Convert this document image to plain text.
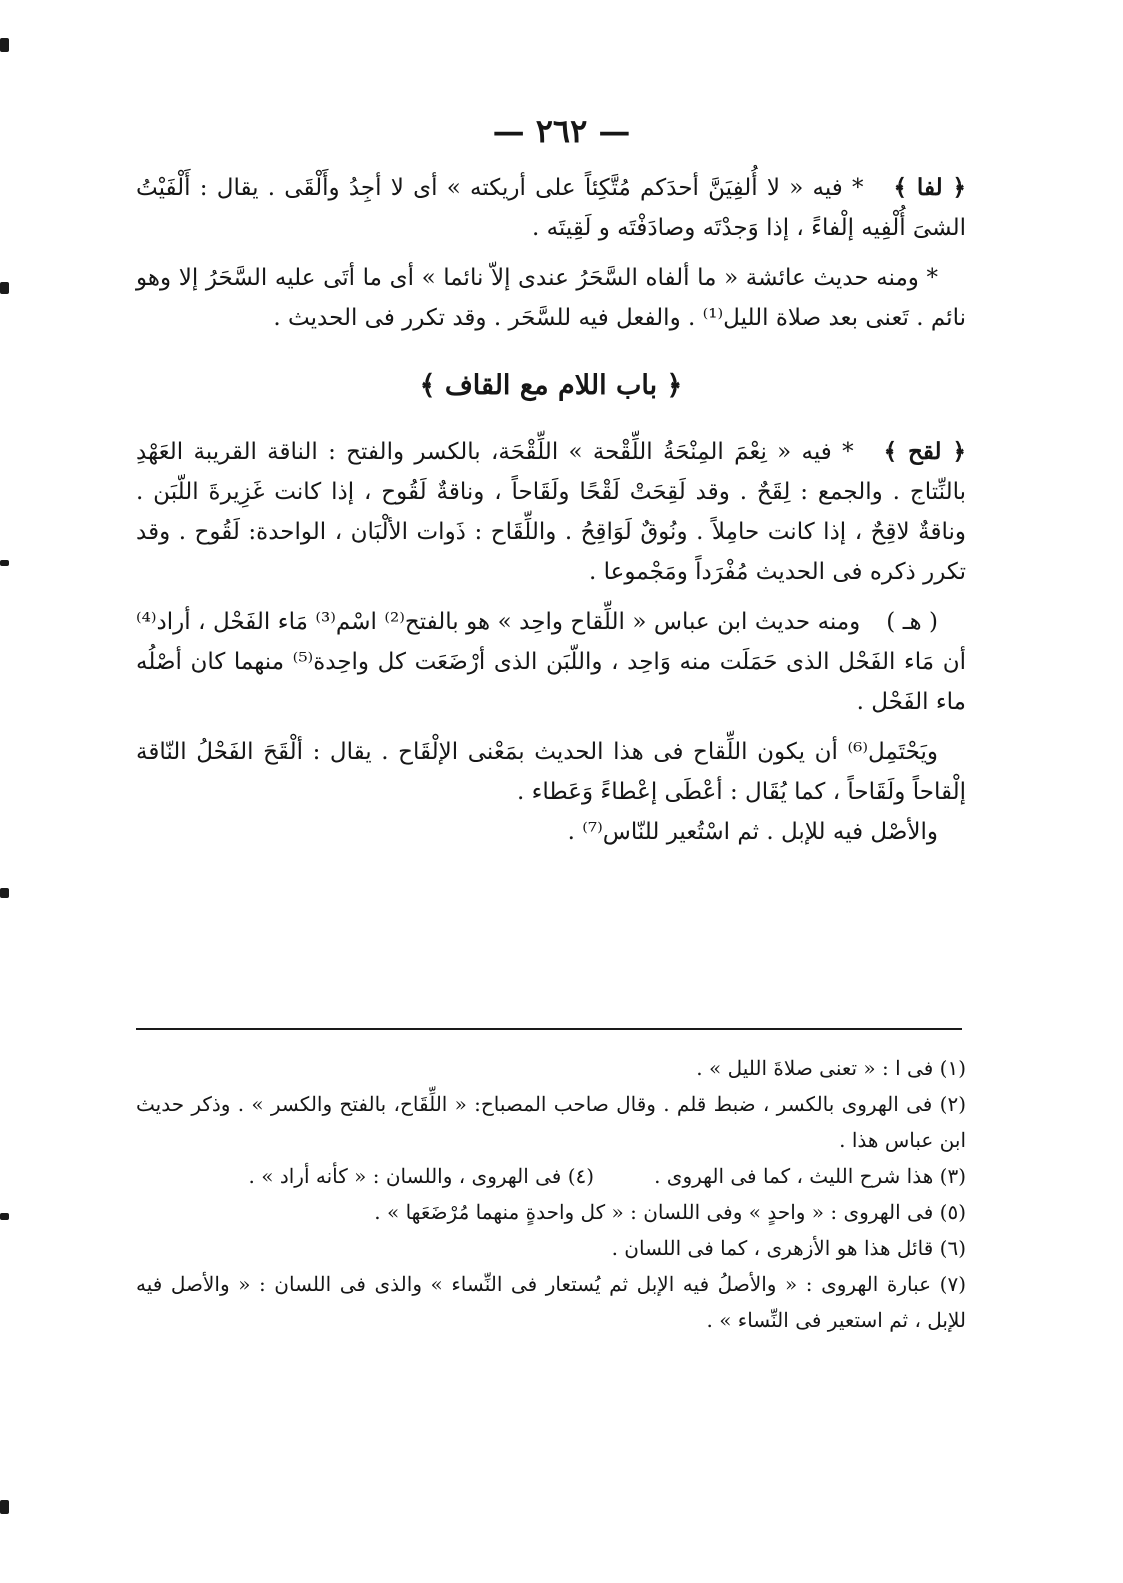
— ٢٦٢ —

﴿ لفا ﴾* فيه « لا أُلفِيَنَّ أحدَكم مُتَّكِئاً على أريكته » أى لا أجِدُ وأَلْقَى . يقال : أَلْفَيْتُ الشىَ أُلْفِيه إلْفاءً ، إذا وَجدْتَه وصادَفْتَه و لَقِيتَه .

* ومنه حديث عائشة « ما ألفاه السَّحَرُ عندى إلاّ نائما » أى ما أتَى عليه السَّحَرُ إلا وهو نائم . تَعنى بعد صلاة الليل⁽¹⁾ . والفعل فيه للسَّحَر . وقد تكرر فى الحديث .

﴿ باب اللام مع القاف ﴾

﴿ لقح ﴾* فيه « نِعْمَ المِنْحَةُ اللِّقْحة » اللِّقْحَة، بالكسر والفتح : الناقة القريبة العَهْدِ بالنِّتاج . والجمع : لِقَحٌ . وقد لَقِحَتْ لَقْحًا ولَقَاحاً ، وناقةٌ لَقُوح ، إذا كانت غَزِيرةَ اللّبَن . وناقةٌ لاقِحٌ ، إذا كانت حامِلاً . ونُوقٌ لَوَاقِحُ . واللِّقَاح : ذَوات الألْبَان ، الواحدة: لَقُوح . وقد تكرر ذكره فى الحديث مُفْرَداً ومَجْموعا .

( هـ )ومنه حديث ابن عباس « اللِّقاح واحِد » هو بالفتح⁽²⁾ اسْم⁽³⁾ مَاء الفَحْل ، أراد⁽⁴⁾ أن مَاء الفَحْل الذى حَمَلَت منه وَاحِد ، واللّبَن الذى أرْضَعَت كل واحِدة⁽⁵⁾ منهما كان أصْلُه ماء الفَحْل .

ويَحْتَمِل⁽⁶⁾ أن يكون اللِّقاح فى هذا الحديث بمَعْنى الإلْقَاح . يقال : ألْقَحَ الفَحْلُ النّاقة إلْقاحاً ولَقَاحاً ، كما يُقَال : أعْطَى إعْطاءً وَعَطاء .

والأصْل فيه للإبل . ثم اسْتُعير للنّاس⁽⁷⁾ .

(١) فى ا : « تعنى صلاةَ الليل » .

(٢) فى الهروى بالكسر ، ضبط قلم . وقال صاحب المصباح: « اللِّقَاح، بالفتح والكسر » . وذكر حديث ابن عباس هذا .

(٣) هذا شرح الليث ، كما فى الهروى .

(٤) فى الهروى ، واللسان : « كأنه أراد » .

(٥) فى الهروى : « واحدٍ » وفى اللسان : « كل واحدةٍ منهما مُرْضَعَها » .

(٦) قائل هذا هو الأزهرى ، كما فى اللسان .

(٧) عبارة الهروى : « والأصلُ فيه الإبل ثم يُستعار فى النِّساء » والذى فى اللسان : « والأصل فيه للإبل ، ثم استعير فى النِّساء » .
